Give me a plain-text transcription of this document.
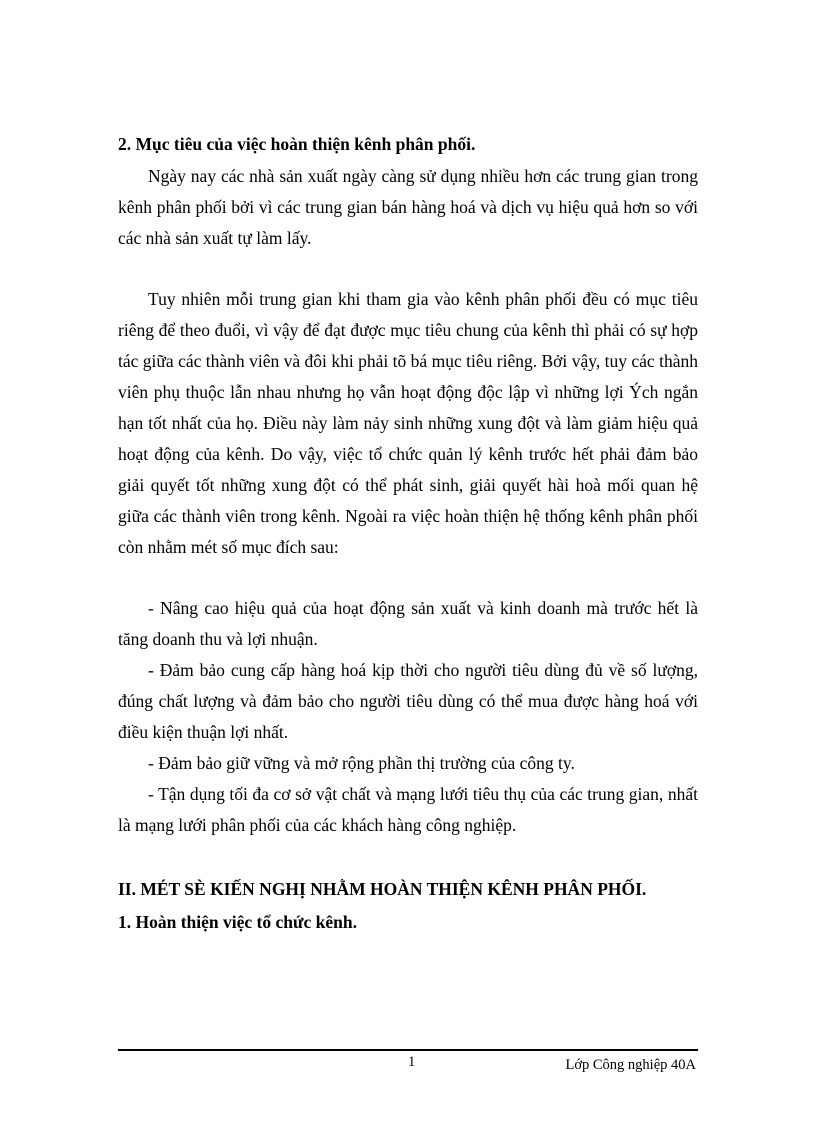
2. Mục tiêu của việc hoàn thiện kênh phân phối.

Ngày nay các nhà sản xuất ngày càng sử dụng nhiều hơn các trung gian trong kênh phân phối bởi vì các trung gian bán hàng hoá và dịch vụ hiệu quả hơn so với các nhà sản xuất tự làm lấy.

Tuy nhiên mỗi trung gian khi tham gia vào kênh phân phối đều có mục tiêu riêng để theo đuổi, vì vậy để đạt được mục tiêu chung của kênh thì phải có sự hợp tác giữa các thành viên và đôi khi phải tõ bá mục tiêu riêng. Bởi vậy, tuy các thành viên phụ thuộc lẫn nhau nhưng họ vẫn hoạt động độc lập vì những lợi Ých ngắn hạn tốt nhất của họ. Điều này làm nảy sinh những xung đột và làm giảm hiệu quả hoạt động của kênh. Do vậy, việc tổ chức quản lý kênh trước hết phải đảm bảo giải quyết tốt những xung đột có thể phát sinh, giải quyết hài hoà mối quan hệ giữa các thành viên trong kênh. Ngoài ra việc hoàn thiện hệ thống kênh phân phối còn nhằm mét số mục đích sau:

- Nâng cao hiệu quả của hoạt động sản xuất và kinh doanh mà trước hết là tăng doanh thu và lợi nhuận.

- Đảm bảo cung cấp hàng hoá kịp thời cho người tiêu dùng đủ về số lượng, đúng chất lượng và đảm bảo cho người tiêu dùng có thể mua được hàng hoá với điều kiện thuận lợi nhất.

- Đảm bảo giữ vững và mở rộng phần thị trường của công ty.

- Tận dụng tối đa cơ sở vật chất và mạng lưới tiêu thụ của các trung gian, nhất là mạng lưới phân phối của các khách hàng công nghiệp.

II. MÉT SÈ KIẾN NGHỊ NHẰM HOÀN THIỆN KÊNH PHÂN PHỐI.
1. Hoàn thiện việc tổ chức kênh.
1	Lớp Công nghiệp 40A
